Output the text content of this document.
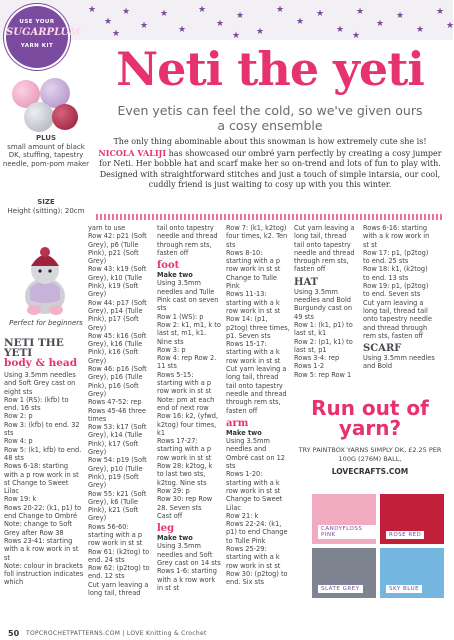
★
★
★
★
★
★
★
★
★
★
★
★
★
★
★
★
★
★
★
★
★	★	★
USE YOUR
SUGARPLUM
YARN KIT	Neti the yeti
Even yetis can feel the cold, so we've given ours a cosy ensemble
The only thing abominable about this snowman is how extremely cute she is! NICOLA VALIJI has showcased our ombré yarn perfectly by creating a cosy jumper for Neti. Her bobble hat and scarf make her so on-trend and lots of fun to play with. Designed with straightforward stitches and just a touch of simple intarsia, our cool, cuddly friend is just waiting to cosy up with you this winter.
PLUS
small amount of black DK, stuffing, tapestry needle, pom-pom maker
SIZE
Height (sitting): 20cm
Perfect for beginners
NETI THE YETI
body & head
Using 3.5mm needles and Soft Grey cast on eight sts
Row 1 (RS): (kfb) to end. 16 sts
Row 2: p
Row 3: (kfb) to end. 32 sts
Row 4: p
Row 5: (k1, kfb) to end. 48 sts
Rows 6-18: starting with a p row work in st st Change to Sweet Lilac
Row 19: k
Rows 20-22: (k1, p1) to end Change to Ombré
Note: change to Soft Grey after Row 38
Rows 23-41: starting with a k row work in st st
Note: colour in brackets foll instruction indicates which
yarn to use
Row 42: p21 (Soft Grey), p6 (Tulle Pink), p21 (Soft Grey)
Row 43: k19 (Soft Grey), k10 (Tulle Pink), k19 (Soft Grey)
Row 44: p17 (Soft Grey), p14 (Tulle Pink), p17 (Soft Grey)
Row 45: k16 (Soft Grey), k16 (Tulle Pink), k16 (Soft Grey)
Row 46: p16 (Soft Grey), p16 (Tulle Pink), p16 (Soft Grey)
Rows 47-52: rep Rows 45-46 three times
Row 53: k17 (Soft Grey), k14 (Tulle Pink), k17 (Soft Grey)
Row 54: p19 (Soft Grey), p10 (Tulle Pink), p19 (Soft Grey)
Row 55: k21 (Soft Grey), k6 (Tulle Pink), k21 (Soft Grey)
Rows 56-60: starting with a p row work in st st
Row 61: (k2tog) to end. 24 sts
Row 62: (p2tog) to end. 12 sts
Cut yarn leaving a long tail, thread
tail onto tapestry needle and thread through rem sts, fasten off
foot
Make two
Using 3.5mm needles and Tulle Pink cast on seven sts
Row 1 (WS): p
Row 2: k1, m1, k to last st, m1, k1. Nine sts
Row 3: p
Row 4: rep Row 2. 11 sts
Rows 5-15: starting with a p row work in st st
Note: pm at each end of next row
Row 16: k2, (yfwd, k2tog) four times, k1
Rows 17-27: starting with a p row work in st st
Row 28: k2tog, k to last two sts, k2tog. Nine sts
Row 29: p
Row 30: rep Row 28. Seven sts
Cast off
leg
Make two
Using 3.5mm needles and Soft Grey cast on 14 sts
Rows 1-6: starting with a k row work in st st
Row 7: (k1, k2tog) four times, k2. Ten sts
Rows 8-10: starting with a p row work in st st Change to Tulle Pink
Rows 11-13: starting with a k row work in st st
Row 14: (p1, p2tog) three times, p1. Seven sts
Rows 15-17: starting with a k row work in st st Cut yarn leaving a long tail, thread tail onto tapestry needle and thread through rem sts, fasten off
arm
Make two
Using 3.5mm needles and Ombré cast on 12 sts
Rows 1-20: starting with a k row work in st st Change to Sweet Lilac
Row 21: k
Rows 22-24: (k1, p1) to end Change to Tulle Pink
Rows 25-29: starting with a k row work in st st
Row 30: (p2tog) to end. Six sts
Cut yarn leaving a long tail, thread tail onto tapestry needle and thread through rem sts, fasten off
HAT
Using 3.5mm needles and Bold Burgundy cast on 49 sts
Row 1: (k1, p1) to last st, k1
Row 2: (p1, k1) to last st, p1
Rows 3-4: rep Rows 1-2
Row 5: rep Row 1
Rows 6-16: starting with a k row work in st st
Row 17: p1, (p2tog) to end. 25 sts
Row 18: k1, (k2tog) to end. 13 sts
Row 19: p1, (p2tog) to end. Seven sts
Cut yarn leaving a long tail, thread tail onto tapestry needle and thread through rem sts, fasten off
SCARF
Using 3.5mm needles and Bold
Run out of yarn?
TRY PAINTBOX YARNS SIMPLY DK, £2.25 PER 100G (276M) BALL,
LOVECRAFTS.COM
CANDYFLOSS PINK	ROSE RED
SLATE GREY	SKY BLUE
50 TOPCROCHETPATTERNS.COM | LOVE Knitting & Crochet
